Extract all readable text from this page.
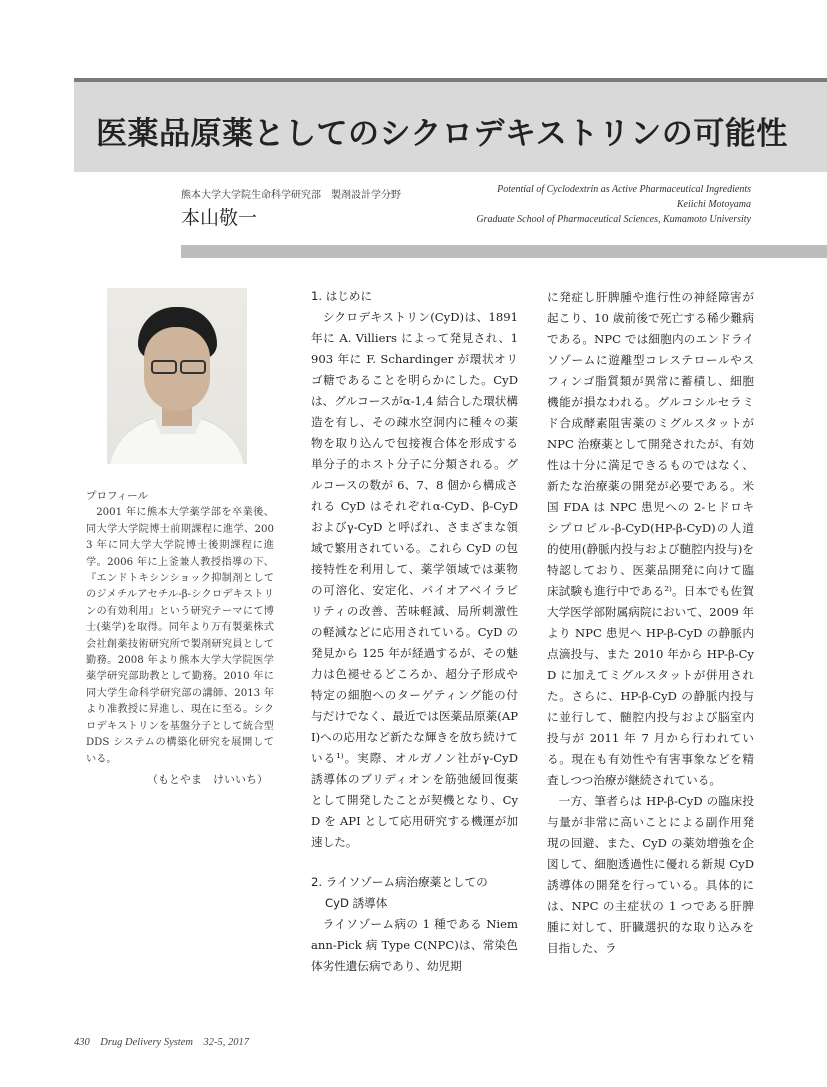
医薬品原薬としてのシクロデキストリンの可能性
熊本大学大学院生命科学研究部　製剤設計学分野
本山敬一
Potential of Cyclodextrin as Active Pharmaceutical Ingredients
Keiichi Motoyama
Graduate School of Pharmaceutical Sciences, Kumamoto University
プロフィール
2001 年に熊本大学薬学部を卒業後、同大学大学院博士前期課程に進学、2003 年に同大学大学院博士後期課程に進学。2006 年に上釜兼人教授指導の下、『エンドトキシンショック抑制剤としてのジメチルアセチル-β-シクロデキストリンの有効利用』という研究テーマにて博士(薬学)を取得。同年より万有製薬株式会社創薬技術研究所で製剤研究員として勤務。2008 年より熊本大学大学院医学薬学研究部助教として勤務。2010 年に同大学生命科学研究部の講師、2013 年より准教授に昇進し、現在に至る。シクロデキストリンを基盤分子として統合型 DDS システムの構築化研究を展開している。
（もとやま　けいいち）
1. はじめに

シクロデキストリン(CyD)は、1891 年に A. Villiers によって発見され、1903 年に F. Schardinger が環状オリゴ糖であることを明らかにした。CyD は、グルコースがα-1,4 結合した環状構造を有し、その疎水空洞内に種々の薬物を取り込んで包接複合体を形成する単分子的ホスト分子に分類される。グルコースの数が 6、7、8 個から構成される CyD はそれぞれα-CyD、β-CyD およびγ-CyD と呼ばれ、さまざまな領域で繁用されている。これら CyD の包接特性を利用して、薬学領域では薬物の可溶化、安定化、バイオアベイラビリティの改善、苦味軽減、局所刺激性の軽減などに応用されている。CyD の発見から 125 年が経過するが、その魅力は色褪せるどころか、超分子形成や特定の細胞へのターゲティング能の付与だけでなく、最近では医薬品原薬(API)への応用など新たな輝きを放ち続けている¹⁾。実際、オルガノン社がγ-CyD 誘導体のブリディオンを筋弛緩回復薬として開発したことが契機となり、CyD を API として応用研究する機運が加速した。

2. ライソゾーム病治療薬としての
CyD 誘導体

ライソゾーム病の 1 種である Niemann-Pick 病 Type C(NPC)は、常染色体劣性遺伝病であり、幼児期

に発症し肝脾腫や進行性の神経障害が起こり、10 歳前後で死亡する稀少難病である。NPC では細胞内のエンドライソゾームに遊離型コレステロールやスフィンゴ脂質類が異常に蓄積し、細胞機能が損なわれる。グルコシルセラミド合成酵素阻害薬のミグルスタットが NPC 治療薬として開発されたが、有効性は十分に満足できるものではなく、新たな治療薬の開発が必要である。米国 FDA は NPC 患児への 2-ヒドロキシプロピル-β-CyD(HP-β-CyD)の人道的使用(静脈内投与および髄腔内投与)を特認しており、医薬品開発に向けて臨床試験も進行中である²⁾。日本でも佐賀大学医学部附属病院において、2009 年より NPC 患児へ HP-β-CyD の静脈内点滴投与、また 2010 年から HP-β-CyD に加えてミグルスタットが併用された。さらに、HP-β-CyD の静脈内投与に並行して、髄腔内投与および脳室内投与が 2011 年 7 月から行われている。現在も有効性や有害事象などを精査しつつ治療が継続されている。

一方、筆者らは HP-β-CyD の臨床投与量が非常に高いことによる副作用発現の回避、また、CyD の薬効増強を企図して、細胞透過性に優れる新規 CyD 誘導体の開発を行っている。具体的には、NPC の主症状の 1 つである肝脾腫に対して、肝臓選択的な取り込みを目指した、ラ

430　Drug Delivery System　32-5, 2017
